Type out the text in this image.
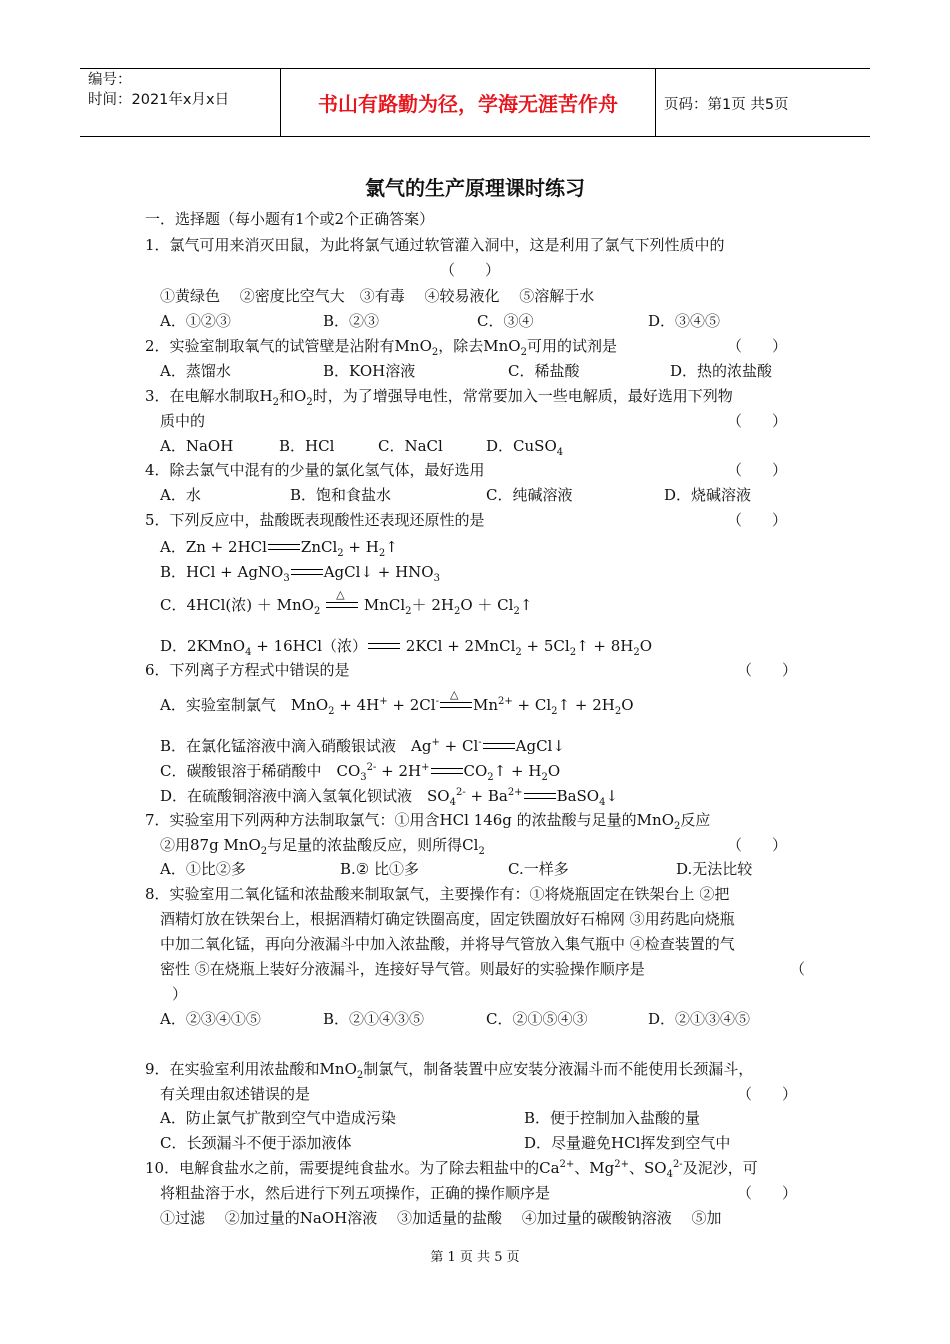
编号：
时间：2021年x月x日	书山有路勤为径，学海无涯苦作舟	页码：第1页 共5页
氯气的生产原理课时练习
一．选择题（每小题有1个或2个正确答案）
1．氯气可用来消灭田鼠，为此将氯气通过软管灌入洞中，这是利用了氯气下列性质中的
（　　）
①黄绿色　 ②密度比空气大　③有毒　 ④较易液化　 ⑤溶解于水
A．①②③	B．②③	C．③④	D．③④⑤
2．实验室制取氧气的试管壁是沾附有MnO$_2$，除去MnO$_2$可用的试剂是	（　　）
A．蒸馏水	B．KOH溶液	C．稀盐酸	D．热的浓盐酸
3．在电解水制取$H_2$和$O_2$时，为了增强导电性，常常要加入一些电解质，最好选用下列物
质中的	（　　）
A．NaOH	B．HCl	C．NaCl	D．CuSO$_4$
4．除去氯气中混有的少量的氯化氢气体，最好选用	（　　）
A．水	B．饱和食盐水	C．纯碱溶液	D．烧碱溶液
5．下列反应中，盐酸既表现酸性还表现还原性的是	（　　）
A．Zn + 2HCl ZnCl$_2$ + $H_2↑$
B．HCl + AgNO$_3$ AgCl↓ + $HNO_3$
C．4HCl(浓) ＋ MnO$_2$
△
MnCl$_2$＋ $2H_2O$ ＋ $Cl_2↑$
D．2KMnO$_4$ + 16HCl（浓） 2KCl + 2MnCl$_2$ + $5Cl_2↑ + 8H_2O$
6．下列离子方程式中错误的是	（　　）
A．实验室制氯气　MnO$_2$ + 4H+ + 2Cl-
△
$Mn^{2+}$ + $Cl_2↑ + 2H_2O$
B．在氯化锰溶液中滴入硝酸银试液　Ag+ + Cl- AgCl↓
C．碳酸银溶于稀硝酸中　$CO_3^{2-} + 2H^+$ $CO_2↑ + H_2O$
D．在硫酸铜溶液中滴入氢氧化钡试液　$SO_4^{2-} + Ba^{2+}$ BaSO$_4$↓
7．实验室用下列两种方法制取氯气：①用含HCl 146g 的浓盐酸与足量的MnO$_2$反应
②用87g MnO$_2$与足量的浓盐酸反应，则所得$Cl_2$	（　　）
A．①比②多	B.② 比①多	C.一样多	D.无法比较
8．实验室用二氧化锰和浓盐酸来制取氯气，主要操作有：①将烧瓶固定在铁架台上 ②把
酒精灯放在铁架台上，根据酒精灯确定铁圈高度，固定铁圈放好石棉网 ③用药匙向烧瓶
中加二氧化锰，再向分液漏斗中加入浓盐酸，并将导气管放入集气瓶中 ④检查装置的气
密性 ⑤在烧瓶上装好分液漏斗，连接好导气管。则最好的实验操作顺序是	（
）
A．②③④①⑤	B．②①④③⑤	C．②①⑤④③	D．②①③④⑤
9．在实验室利用浓盐酸和MnO$_2$制氯气，制备装置中应安装分液漏斗而不能使用长颈漏斗，
有关理由叙述错误的是	（　　）
A．防止氯气扩散到空气中造成污染	B．便于控制加入盐酸的量
C．长颈漏斗不便于添加液体	D．尽量避免HCl挥发到空气中
10．电解食盐水之前，需要提纯食盐水。为了除去粗盐中的$Ca^{2+}$、$Mg^{2+}$、$SO_4^{2-}$及泥沙，可
将粗盐溶于水，然后进行下列五项操作，正确的操作顺序是	（　　）
①过滤　 ②加过量的NaOH溶液　 ③加适量的盐酸　 ④加过量的碳酸钠溶液　 ⑤加
第 1 页 共 5 页
